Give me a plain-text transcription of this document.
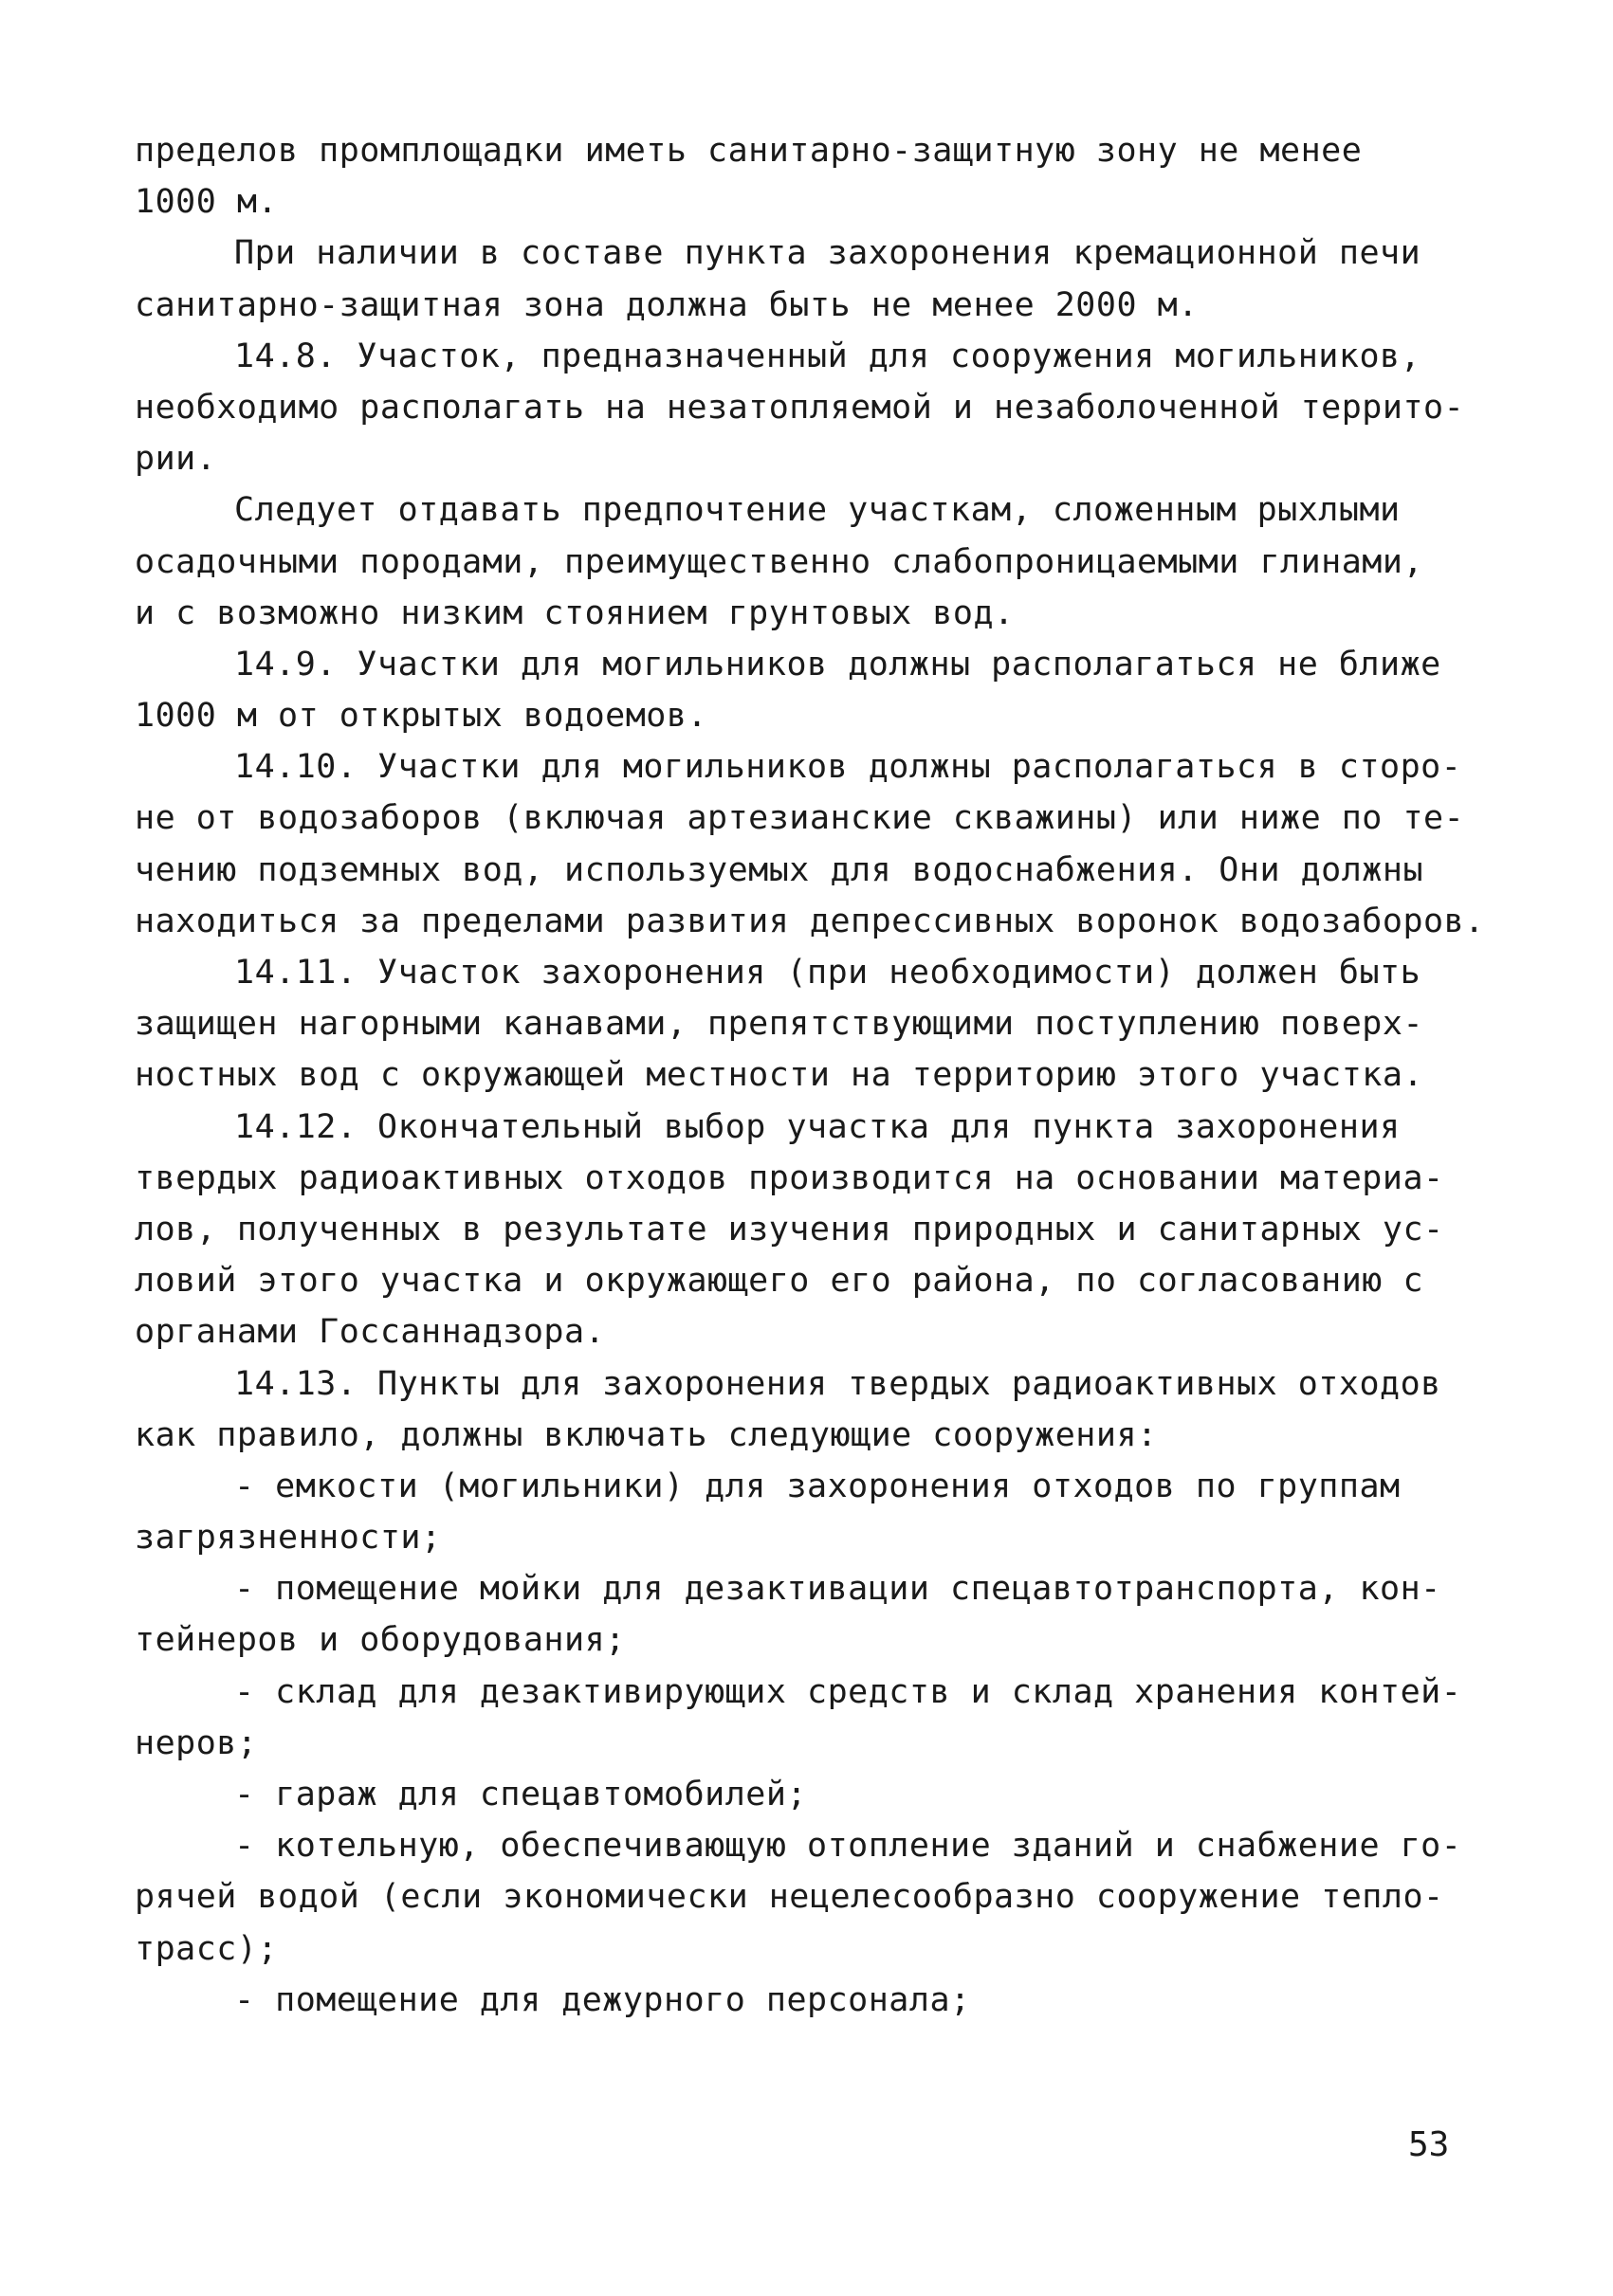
пределов промплощадки иметь санитарно-защитную зону не менее
1000 м.
При наличии в составе пункта захоронения кремационной печи
санитарно-защитная зона должна быть не менее 2000 м.
14.8. Участок, предназначенный для сооружения могильников,
необходимо располагать на незатопляемой и незаболоченной террито-
рии.
Следует отдавать предпочтение участкам, сложенным рыхлыми
осадочными породами, преимущественно слабопроницаемыми глинами,
и с возможно низким стоянием грунтовых вод.
14.9. Участки для могильников должны располагаться не ближе
1000 м от открытых водоемов.
14.10. Участки для могильников должны располагаться в сторо-
не от водозаборов (включая артезианские скважины) или ниже по те-
чению подземных вод, используемых для водоснабжения. Они должны
находиться за пределами развития депрессивных воронок водозаборов.
14.11. Участок захоронения (при необходимости) должен быть
защищен нагорными канавами, препятствующими поступлению поверх-
ностных вод с окружающей местности на территорию этого участка.
14.12. Окончательный выбор участка для пункта захоронения
твердых радиоактивных отходов производится на основании материа-
лов, полученных в результате изучения природных и санитарных ус-
ловий этого участка и окружающего его района, по согласованию с
органами Госсаннадзора.
14.13. Пункты для захоронения твердых радиоактивных отходов
как правило, должны включать следующие сооружения:
- емкости (могильники) для захоронения отходов по группам
загрязненности;
- помещение мойки для дезактивации спецавтотранспорта, кон-
тейнеров и оборудования;
- склад для дезактивирующих средств и склад хранения контей-
неров;
- гараж для спецавтомобилей;
- котельную, обеспечивающую отопление зданий и снабжение го-
рячей водой (если экономически нецелесообразно сооружение тепло-
трасс);
- помещение для дежурного персонала;
53
